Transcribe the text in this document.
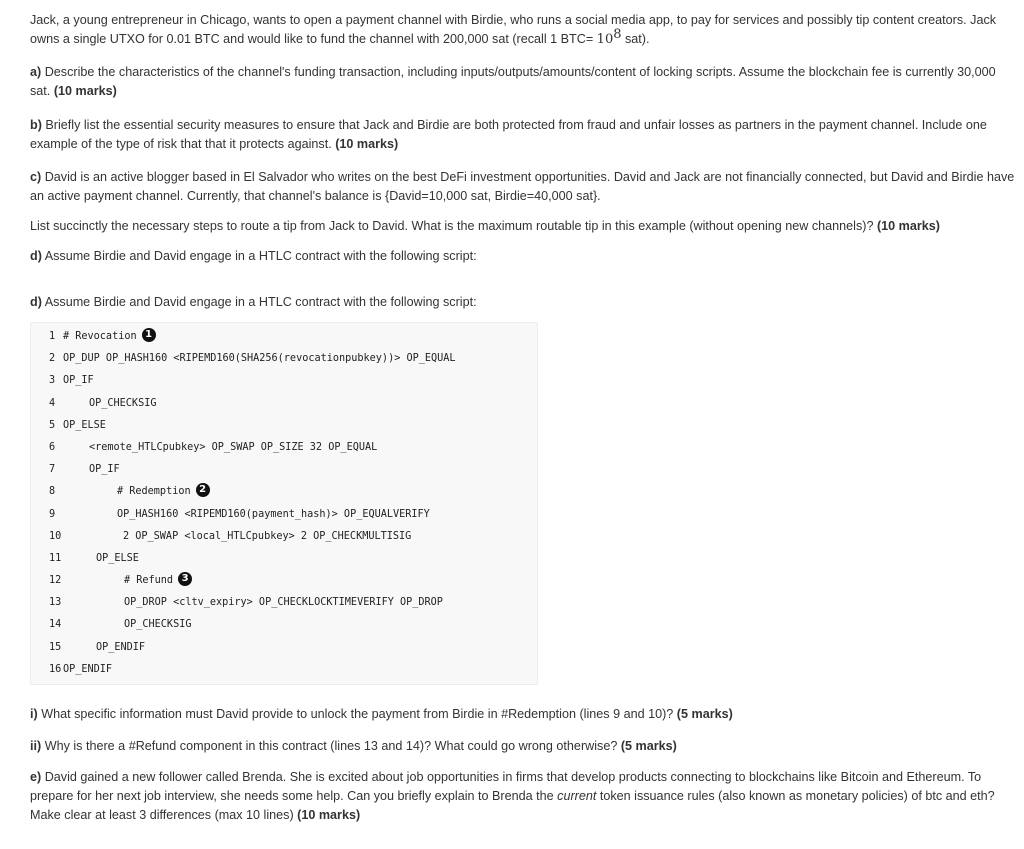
Jack, a young entrepreneur in Chicago, wants to open a payment channel with Birdie, who runs a social media app, to pay for services and possibly tip content creators. Jack owns a single UTXO for 0.01 BTC and would like to fund the channel with 200,000 sat (recall 1 $BTC= 10^8$ sat).

a) Describe the characteristics of the channel's funding transaction, including inputs/outputs/amounts/content of locking scripts. Assume the blockchain fee is currently 30,000 sat. (10 marks)

b) Briefly list the essential security measures to ensure that Jack and Birdie are both protected from fraud and unfair losses as partners in the payment channel. Include one example of the type of risk that that it protects against. (10 marks)

c) David is an active blogger based in El Salvador who writes on the best DeFi investment opportunities. David and Jack are not financially connected, but David and Birdie have an active payment channel. Currently, that channel's balance is {David=10,000 sat, Birdie=40,000 sat}.

List succinctly the necessary steps to route a tip from Jack to David. What is the maximum routable tip in this example (without opening new channels)? (10 marks)

d) Assume Birdie and David engage in a HTLC contract with the following script:

d) Assume Birdie and David engage in a HTLC contract with the following script:

1 # Revocation 1
2 OP_DUP OP_HASH160 <RIPEMD160(SHA256(revocationpubkey))> OP_EQUAL
3 OP_IF
4	OP_CHECKSIG
5 OP_ELSE
6	<remote_HTLCpubkey> OP_SWAP OP_SIZE 32 OP_EQUAL
7	OP_IF
8	# Redemption 2
9	OP_HASH160 <RIPEMD160(payment_hash)> OP_EQUALVERIFY
10	2 OP_SWAP <local_HTLCpubkey> 2 OP_CHECKMULTISIG
11	OP_ELSE
12	# Refund 3
13	OP_DROP <cltv_expiry> OP_CHECKLOCKTIMEVERIFY OP_DROP
14	OP_CHECKSIG
15	OP_ENDIF
16 OP_ENDIF

i) What specific information must David provide to unlock the payment from Birdie in #Redemption (lines 9 and 10)? (5 marks)

ii) Why is there a #Refund component in this contract (lines 13 and 14)? What could go wrong otherwise? (5 marks)

e) David gained a new follower called Brenda. She is excited about job opportunities in firms that develop products connecting to blockchains like Bitcoin and Ethereum. To prepare for her next job interview, she needs some help. Can you briefly explain to Brenda the current token issuance rules (also known as monetary policies) of btc and eth? Make clear at least 3 differences (max 10 lines) (10 marks)
